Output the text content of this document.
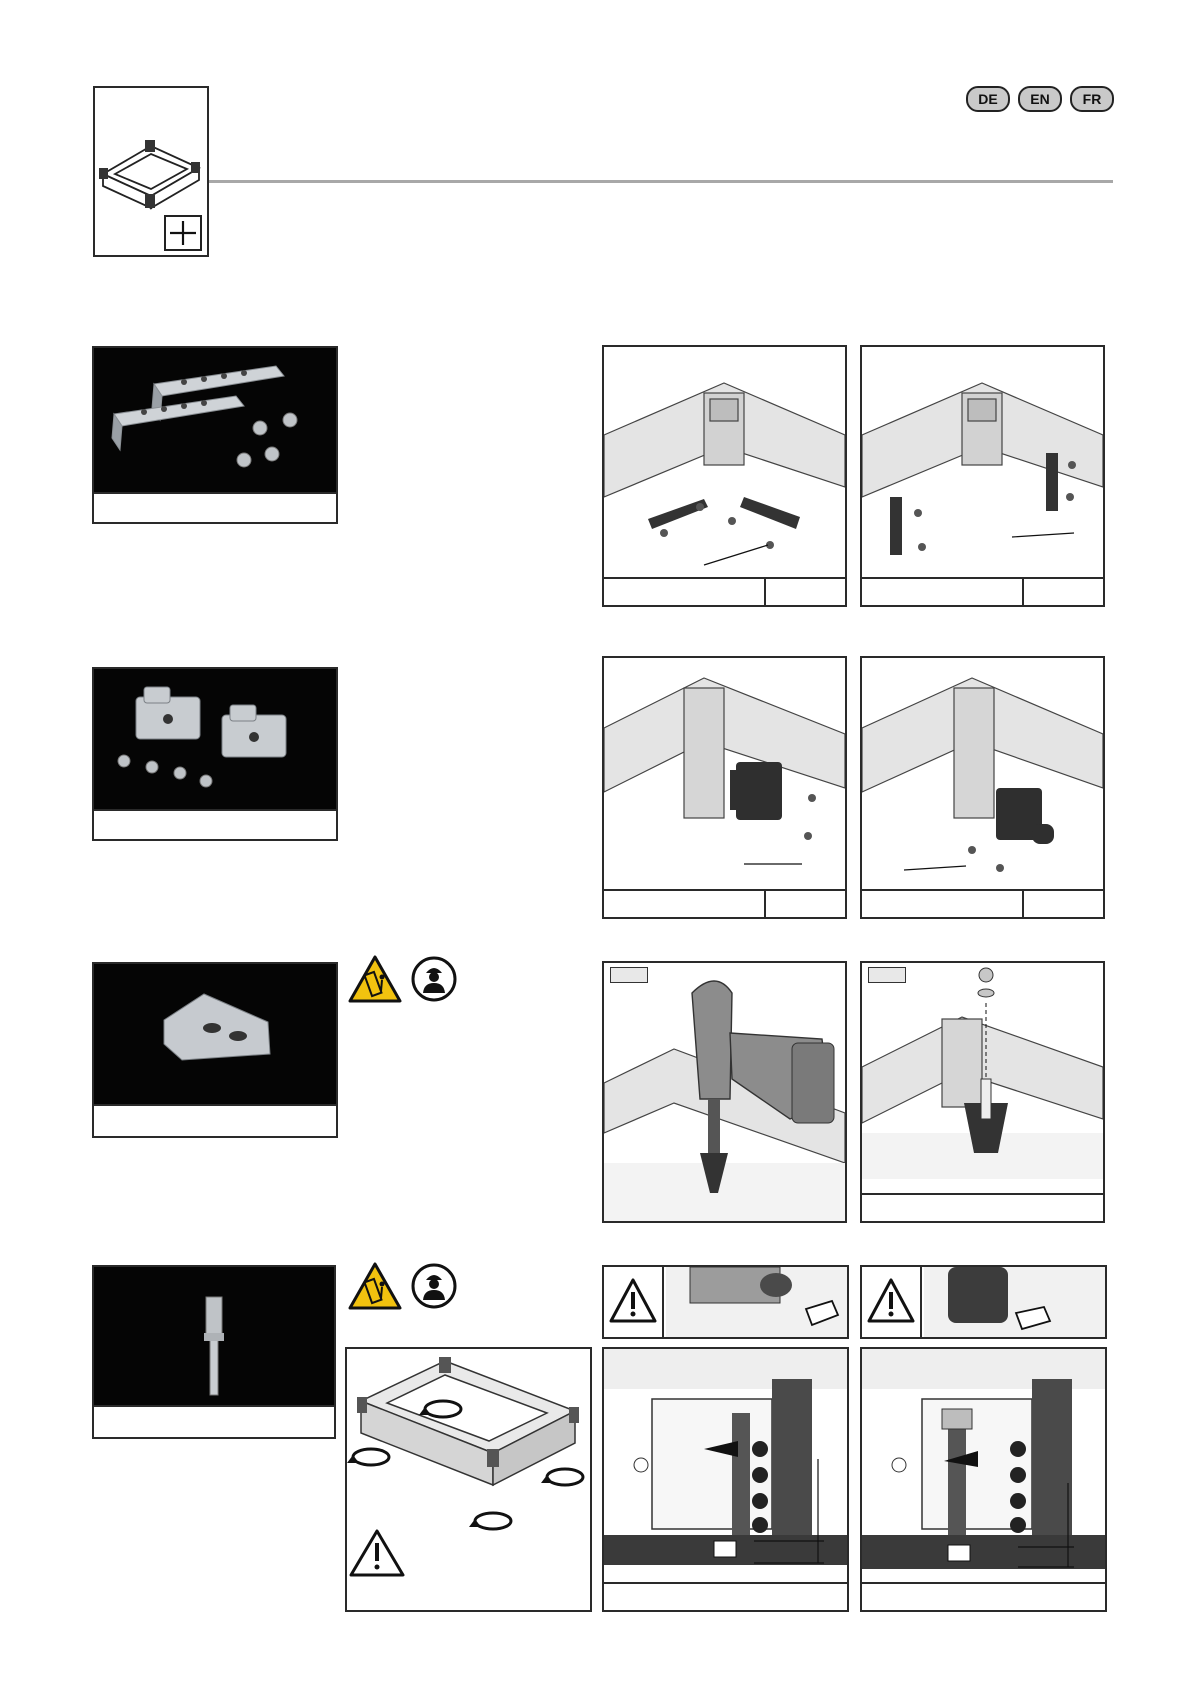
DE	EN	FR
